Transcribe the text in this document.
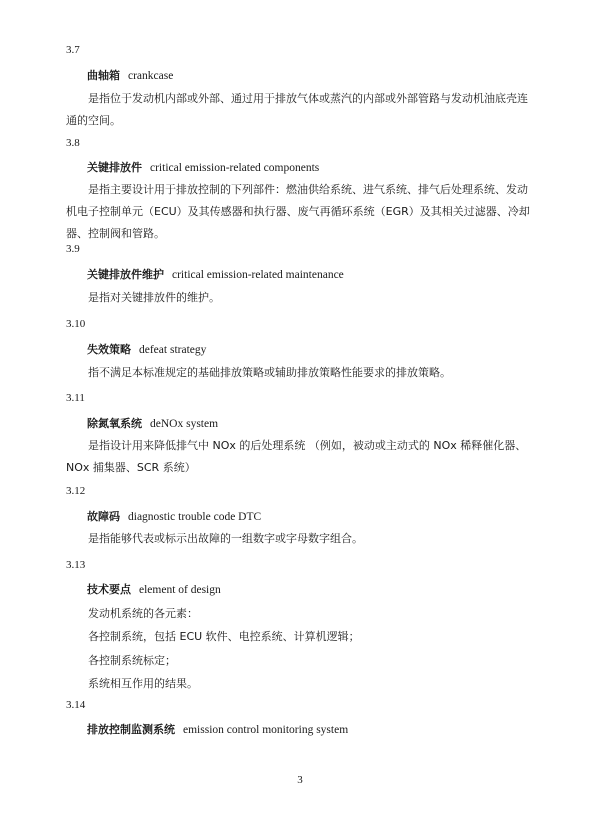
3.7
曲轴箱 crankcase
是指位于发动机内部或外部、通过用于排放气体或蒸汽的内部或外部管路与发动机油底壳连通的空间。
3.8
关键排放件 critical emission-related components
是指主要设计用于排放控制的下列部件：燃油供给系统、进气系统、排气后处理系统、发动机电子控制单元（ECU）及其传感器和执行器、废气再循环系统（EGR）及其相关过滤器、冷却器、控制阀和管路。
3.9
关键排放件维护 critical emission-related maintenance
是指对关键排放件的维护。
3.10
失效策略 defeat strategy
指不满足本标准规定的基础排放策略或辅助排放策略性能要求的排放策略。
3.11
除氮氧系统 deNOx system
是指设计用来降低排气中 NOx 的后处理系统 （例如，被动或主动式的 NOx 稀释催化器、NOx 捕集器、SCR 系统）
3.12
故障码 diagnostic trouble code DTC
是指能够代表或标示出故障的一组数字或字母数字组合。
3.13
技术要点 element of design
发动机系统的各元素：
各控制系统，包括 ECU 软件、电控系统、计算机逻辑；
各控制系统标定；
系统相互作用的结果。
3.14
排放控制监测系统 emission control monitoring system
3
